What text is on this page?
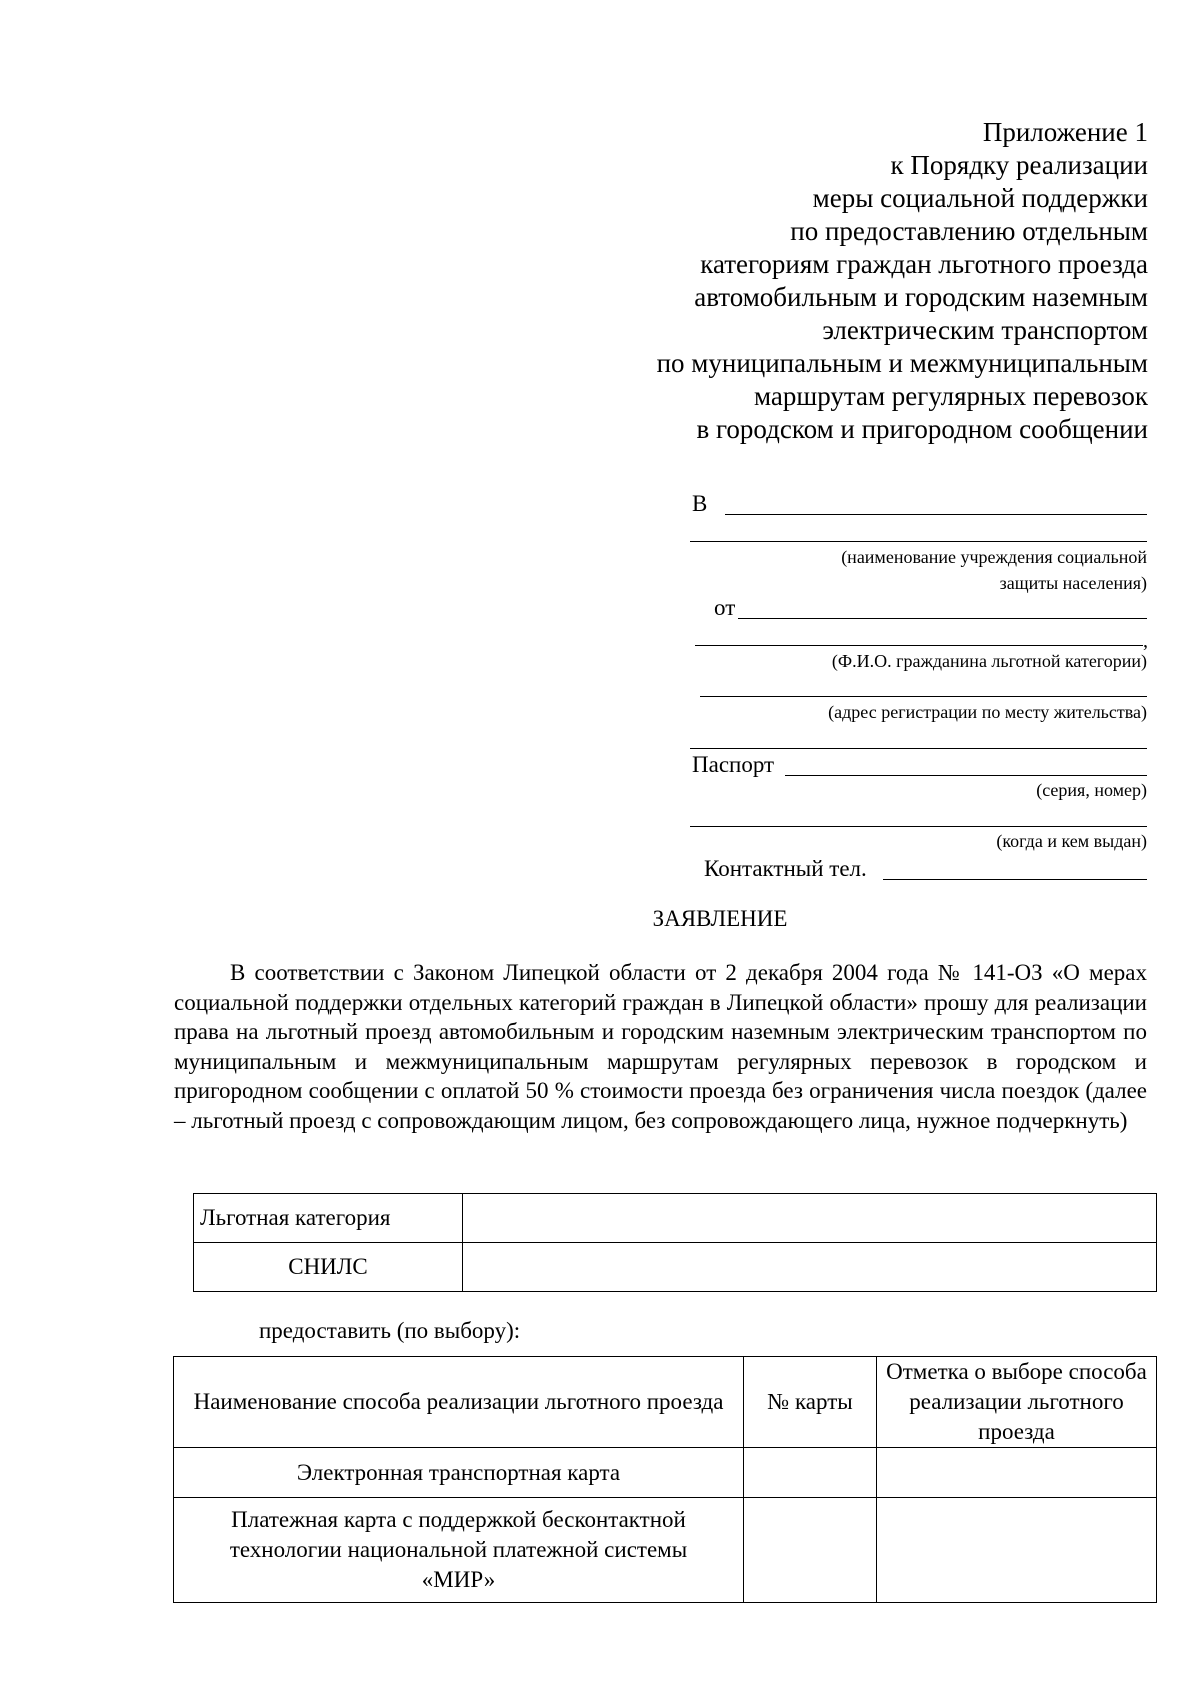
Приложение 1
к Порядку реализации
меры социальной поддержки
по предоставлению отдельным
категориям граждан льготного проезда
автомобильным и городским наземным
электрическим транспортом
по муниципальным и межмуниципальным
маршрутам регулярных перевозок
в городском и пригородном сообщении
В
(наименование учреждения социальной
защиты населения)
от
,
(Ф.И.О. гражданина льготной категории)
(адрес регистрации по месту жительства)
Паспорт
(серия, номер)
(когда и кем выдан)
Контактный тел.
ЗАЯВЛЕНИЕ

В соответствии с Законом Липецкой области от 2 декабря 2004 года № 141-ОЗ «О мерах социальной поддержки отдельных категорий граждан в Липецкой области» прошу для реализации права на льготный проезд автомобильным и городским наземным электрическим транспортом по муниципальным и межмуниципальным маршрутам регулярных перевозок в городском и пригородном сообщении с оплатой 50 % стоимости проезда без ограничения числа поездок (далее ‒ льготный проезд с сопровождающим лицом, без сопровождающего лица, нужное подчеркнуть)

Льготная категория	
СНИЛС	
предоставить (по выбору):
Наименование способа реализации льготного проезда	№ карты	Отметка о выборе способа реализации льготного проезда
Электронная транспортная карта		
Платежная карта с поддержкой бесконтактной технологии национальной платежной системы «МИР»		
